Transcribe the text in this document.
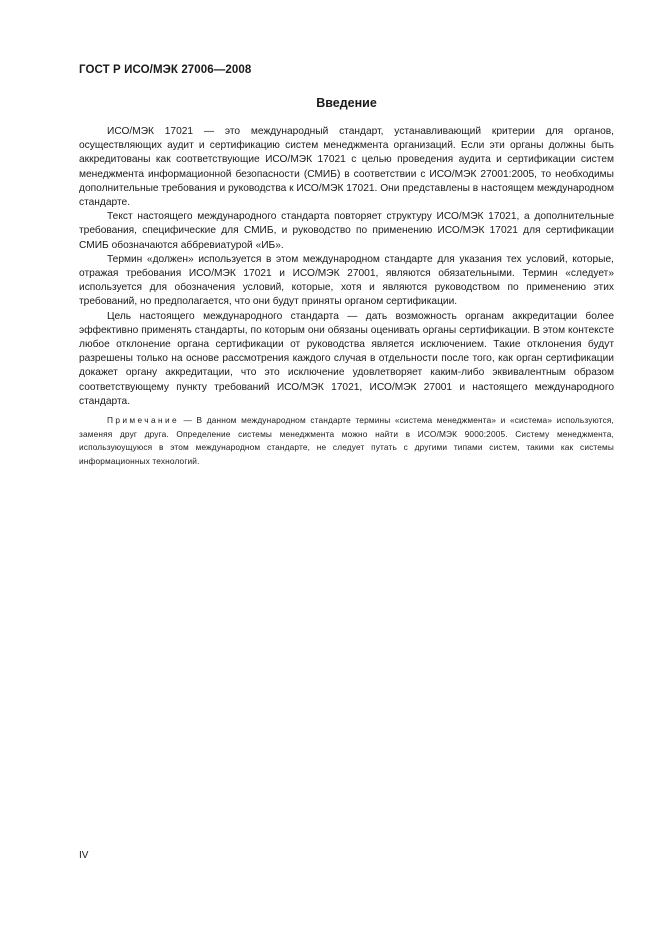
ГОСТ Р ИСО/МЭК 27006—2008
Введение

ИСО/МЭК 17021 — это международный стандарт, устанавливающий критерии для органов, осуществляющих аудит и сертификацию систем менеджмента организаций. Если эти органы должны быть аккредитованы как соответствующие ИСО/МЭК 17021 с целью проведения аудита и сертификации систем менеджмента информационной безопасности (СМИБ) в соответствии с ИСО/МЭК 27001:2005, то необходимы дополнительные требования и руководства к ИСО/МЭК 17021. Они представлены в настоящем международном стандарте.

Текст настоящего международного стандарта повторяет структуру ИСО/МЭК 17021, а дополнительные требования, специфические для СМИБ, и руководство по применению ИСО/МЭК 17021 для сертификации СМИБ обозначаются аббревиатурой «ИБ».

Термин «должен» используется в этом международном стандарте для указания тех условий, которые, отражая требования ИСО/МЭК 17021 и ИСО/МЭК 27001, являются обязательными. Термин «следует» используется для обозначения условий, которые, хотя и являются руководством по применению этих требований, но предполагается, что они будут приняты органом сертификации.

Цель настоящего международного стандарта — дать возможность органам аккредитации более эффективно применять стандарты, по которым они обязаны оценивать органы сертификации. В этом контексте любое отклонение органа сертификации от руководства является исключением. Такие отклонения будут разрешены только на основе рассмотрения каждого случая в отдельности после того, как орган сертификации докажет органу аккредитации, что это исключение удовлетворяет каким-либо эквивалентным образом соответствующему пункту требований ИСО/МЭК 17021, ИСО/МЭК 27001 и настоящего международного стандарта.

Примечание — В данном международном стандарте термины «система менеджмента» и «система» используются, заменяя друг друга. Определение системы менеджмента можно найти в ИСО/МЭК 9000:2005. Систему менеджмента, используюущуюся в этом международном стандарте, не следует путать с другими типами систем, такими как системы информационных технологий.

IV
